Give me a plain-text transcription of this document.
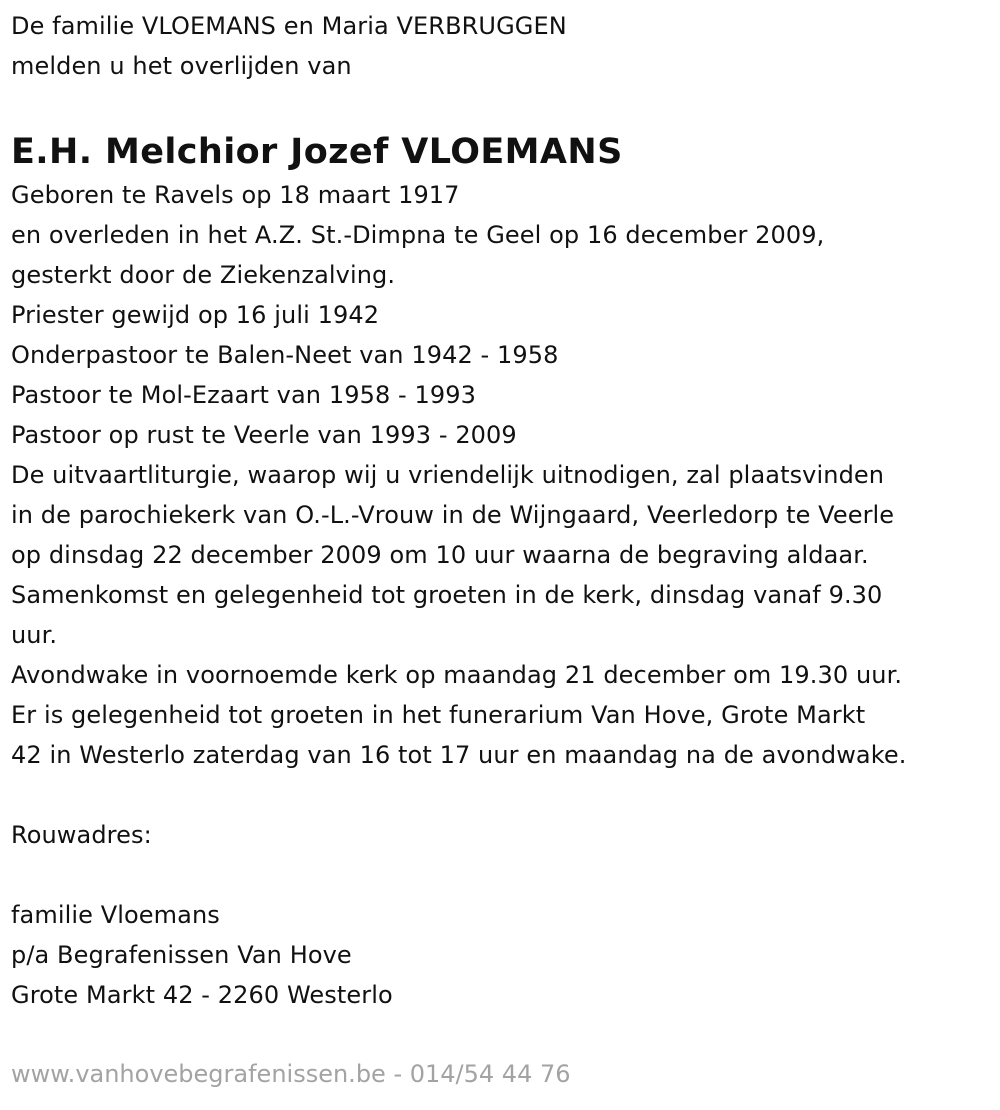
De familie VLOEMANS en Maria VERBRUGGEN
melden u het overlijden van
E.H. Melchior Jozef VLOEMANS
Geboren te Ravels op 18 maart 1917
en overleden in het A.Z. St.-Dimpna te Geel op 16 december 2009,
gesterkt door de Ziekenzalving.
Priester gewijd op 16 juli 1942
Onderpastoor te Balen-Neet van 1942 - 1958
Pastoor te Mol-Ezaart van 1958 - 1993
Pastoor op rust te Veerle van 1993 - 2009
De uitvaartliturgie, waarop wij u vriendelijk uitnodigen, zal plaatsvinden
in de parochiekerk van O.-L.-Vrouw in de Wijngaard, Veerledorp te Veerle
op dinsdag 22 december 2009 om 10 uur waarna de begraving aldaar.
Samenkomst en gelegenheid tot groeten in de kerk, dinsdag vanaf 9.30
uur.
Avondwake in voornoemde kerk op maandag 21 december om 19.30 uur.
Er is gelegenheid tot groeten in het funerarium Van Hove, Grote Markt
42 in Westerlo zaterdag van 16 tot 17 uur en maandag na de avondwake.
Rouwadres:
familie Vloemans
p/a Begrafenissen Van Hove
Grote Markt 42 - 2260 Westerlo
www.vanhovebegrafenissen.be - 014/54 44 76
